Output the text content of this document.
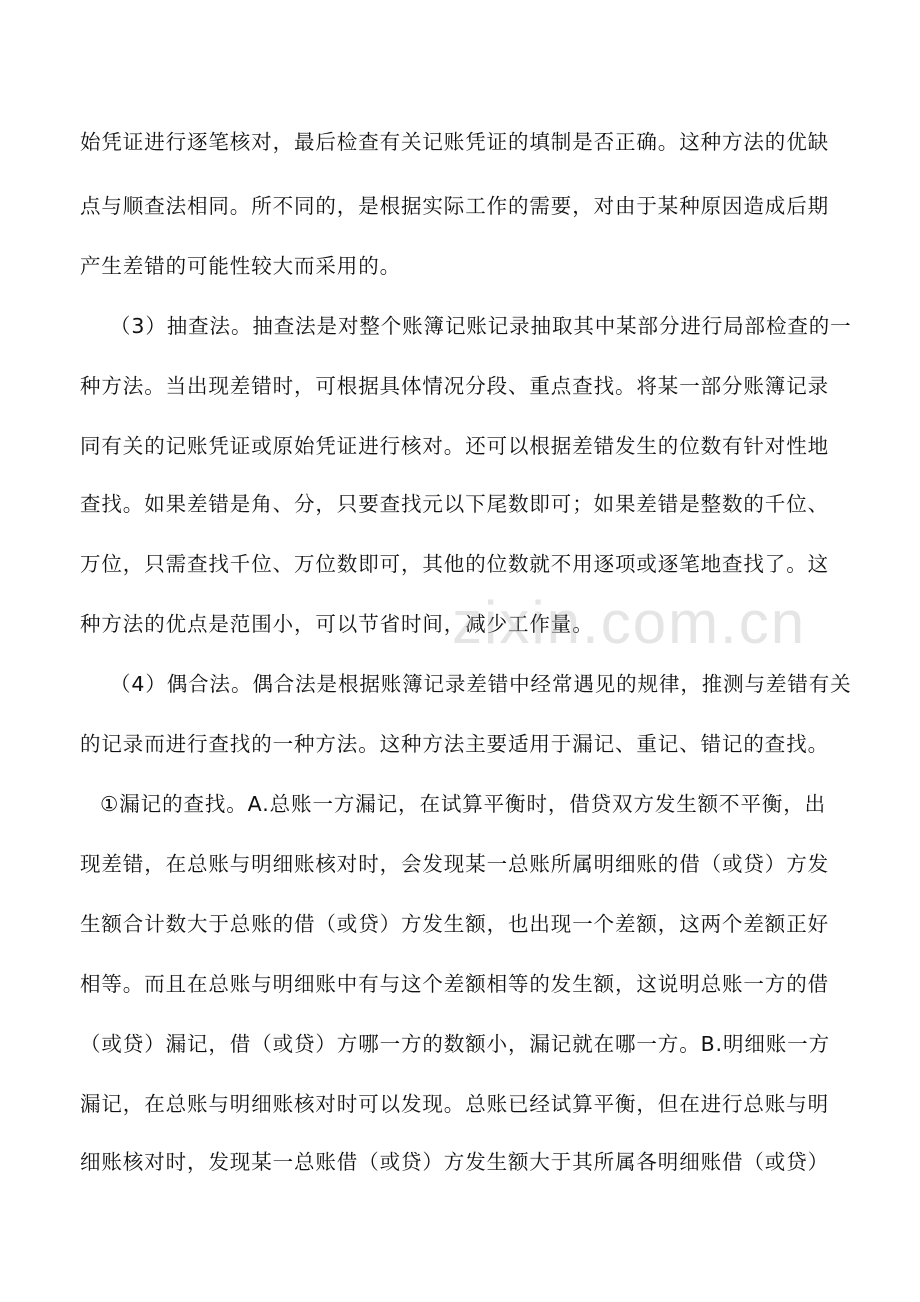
始凭证进行逐笔核对，最后检查有关记账凭证的填制是否正确。这种方法的优缺
点与顺查法相同。所不同的，是根据实际工作的需要，对由于某种原因造成后期
产生差错的可能性较大而采用的。
（3）抽查法。抽查法是对整个账簿记账记录抽取其中某部分进行局部检查的一
种方法。当出现差错时，可根据具体情况分段、重点查找。将某一部分账簿记录
同有关的记账凭证或原始凭证进行核对。还可以根据差错发生的位数有针对性地
查找。如果差错是角、分，只要查找元以下尾数即可；如果差错是整数的千位、
万位，只需查找千位、万位数即可，其他的位数就不用逐项或逐笔地查找了。这
种方法的优点是范围小，可以节省时间，减少工作量。
（4）偶合法。偶合法是根据账簿记录差错中经常遇见的规律，推测与差错有关
的记录而进行查找的一种方法。这种方法主要适用于漏记、重记、错记的查找。
①漏记的查找。A.总账一方漏记，在试算平衡时，借贷双方发生额不平衡，出
现差错，在总账与明细账核对时，会发现某一总账所属明细账的借（或贷）方发
生额合计数大于总账的借（或贷）方发生额，也出现一个差额，这两个差额正好
相等。而且在总账与明细账中有与这个差额相等的发生额，这说明总账一方的借
（或贷）漏记，借（或贷）方哪一方的数额小，漏记就在哪一方。B.明细账一方
漏记，在总账与明细账核对时可以发现。总账已经试算平衡，但在进行总账与明
细账核对时，发现某一总账借（或贷）方发生额大于其所属各明细账借（或贷）
zixin.com.cn
